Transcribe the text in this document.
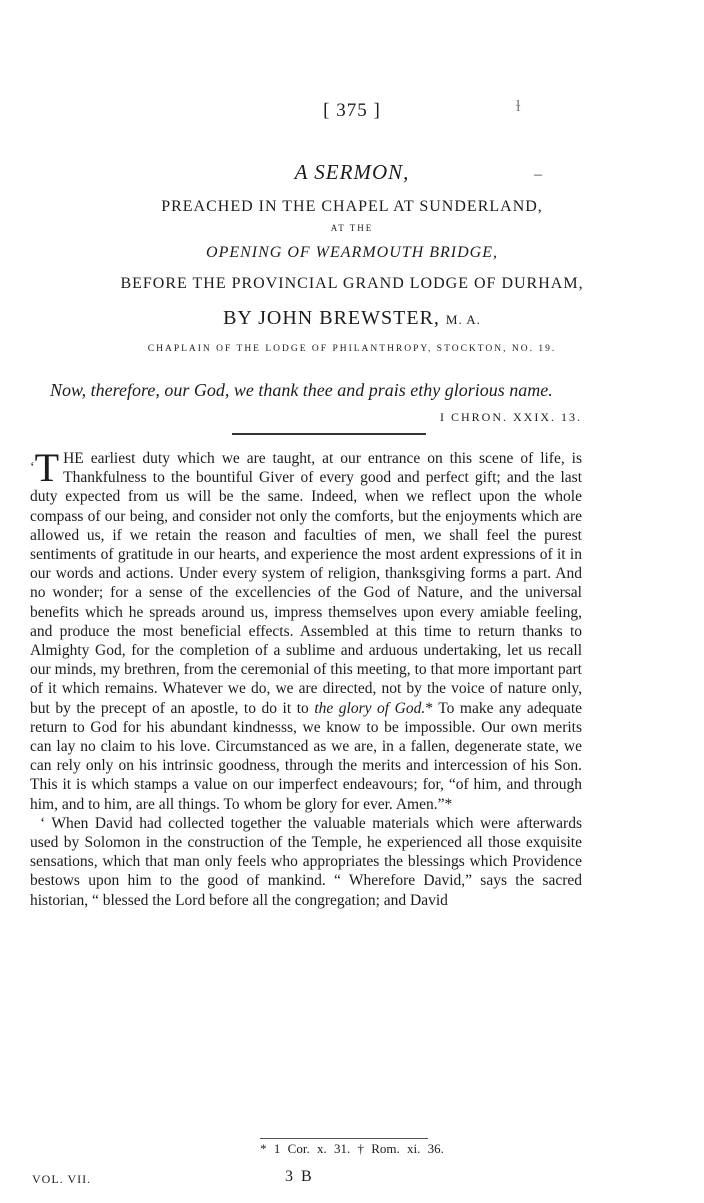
[ 375 ]	ɫ
–
A SERMON,
PREACHED IN THE CHAPEL AT SUNDERLAND,
AT THE
OPENING OF WEARMOUTH BRIDGE,
BEFORE THE PROVINCIAL GRAND LODGE OF DURHAM,
BY JOHN BREWSTER, M. A.
CHAPLAIN OF THE LODGE OF PHILANTHROPY, STOCKTON, NO. 19.
Now, therefore, our God, we thank thee and prais ethy glorious name.
I CHRON. XXIX. 13.

‘T HE earliest duty which we are taught, at our entrance on this scene of life, is Thankfulness to the bountiful Giver of every good and perfect gift; and the last duty expected from us will be the same. Indeed, when we reflect upon the whole compass of our being, and consider not only the comforts, but the enjoyments which are allowed us, if we retain the reason and faculties of men, we shall feel the purest sentiments of gratitude in our hearts, and experience the most ardent expressions of it in our words and actions. Under every system of religion, thanksgiving forms a part. And no wonder; for a sense of the excellencies of the God of Nature, and the universal benefits which he spreads around us, impress themselves upon every amiable feeling, and produce the most beneficial effects. Assembled at this time to return thanks to Almighty God, for the completion of a sublime and arduous undertaking, let us recall our minds, my brethren, from the ceremonial of this meeting, to that more important part of it which remains. Whatever we do, we are directed, not by the voice of nature only, but by the precept of an apostle, to do it to the glory of God.* To make any adequate return to God for his abundant kindnesss, we know to be impossible. Our own merits can lay no claim to his love. Circumstanced as we are, in a fallen, degenerate state, we can rely only on his intrinsic goodness, through the merits and intercession of his Son. This it is which stamps a value on our imperfect endeavours; for, “of him, and through him, and to him, are all things. To whom be glory for ever. Amen.”*

‘ When David had collected together the valuable materials which were afterwards used by Solomon in the construction of the Temple, he experienced all those exquisite sensations, which that man only feels who appropriates the blessings which Providence bestows upon him to the good of mankind. “ Wherefore David,” says the sacred historian, “ blessed the Lord before all the congregation; and David

* 1 Cor. x. 31. † Rom. xi. 36.
VOL. VII.	3 B
